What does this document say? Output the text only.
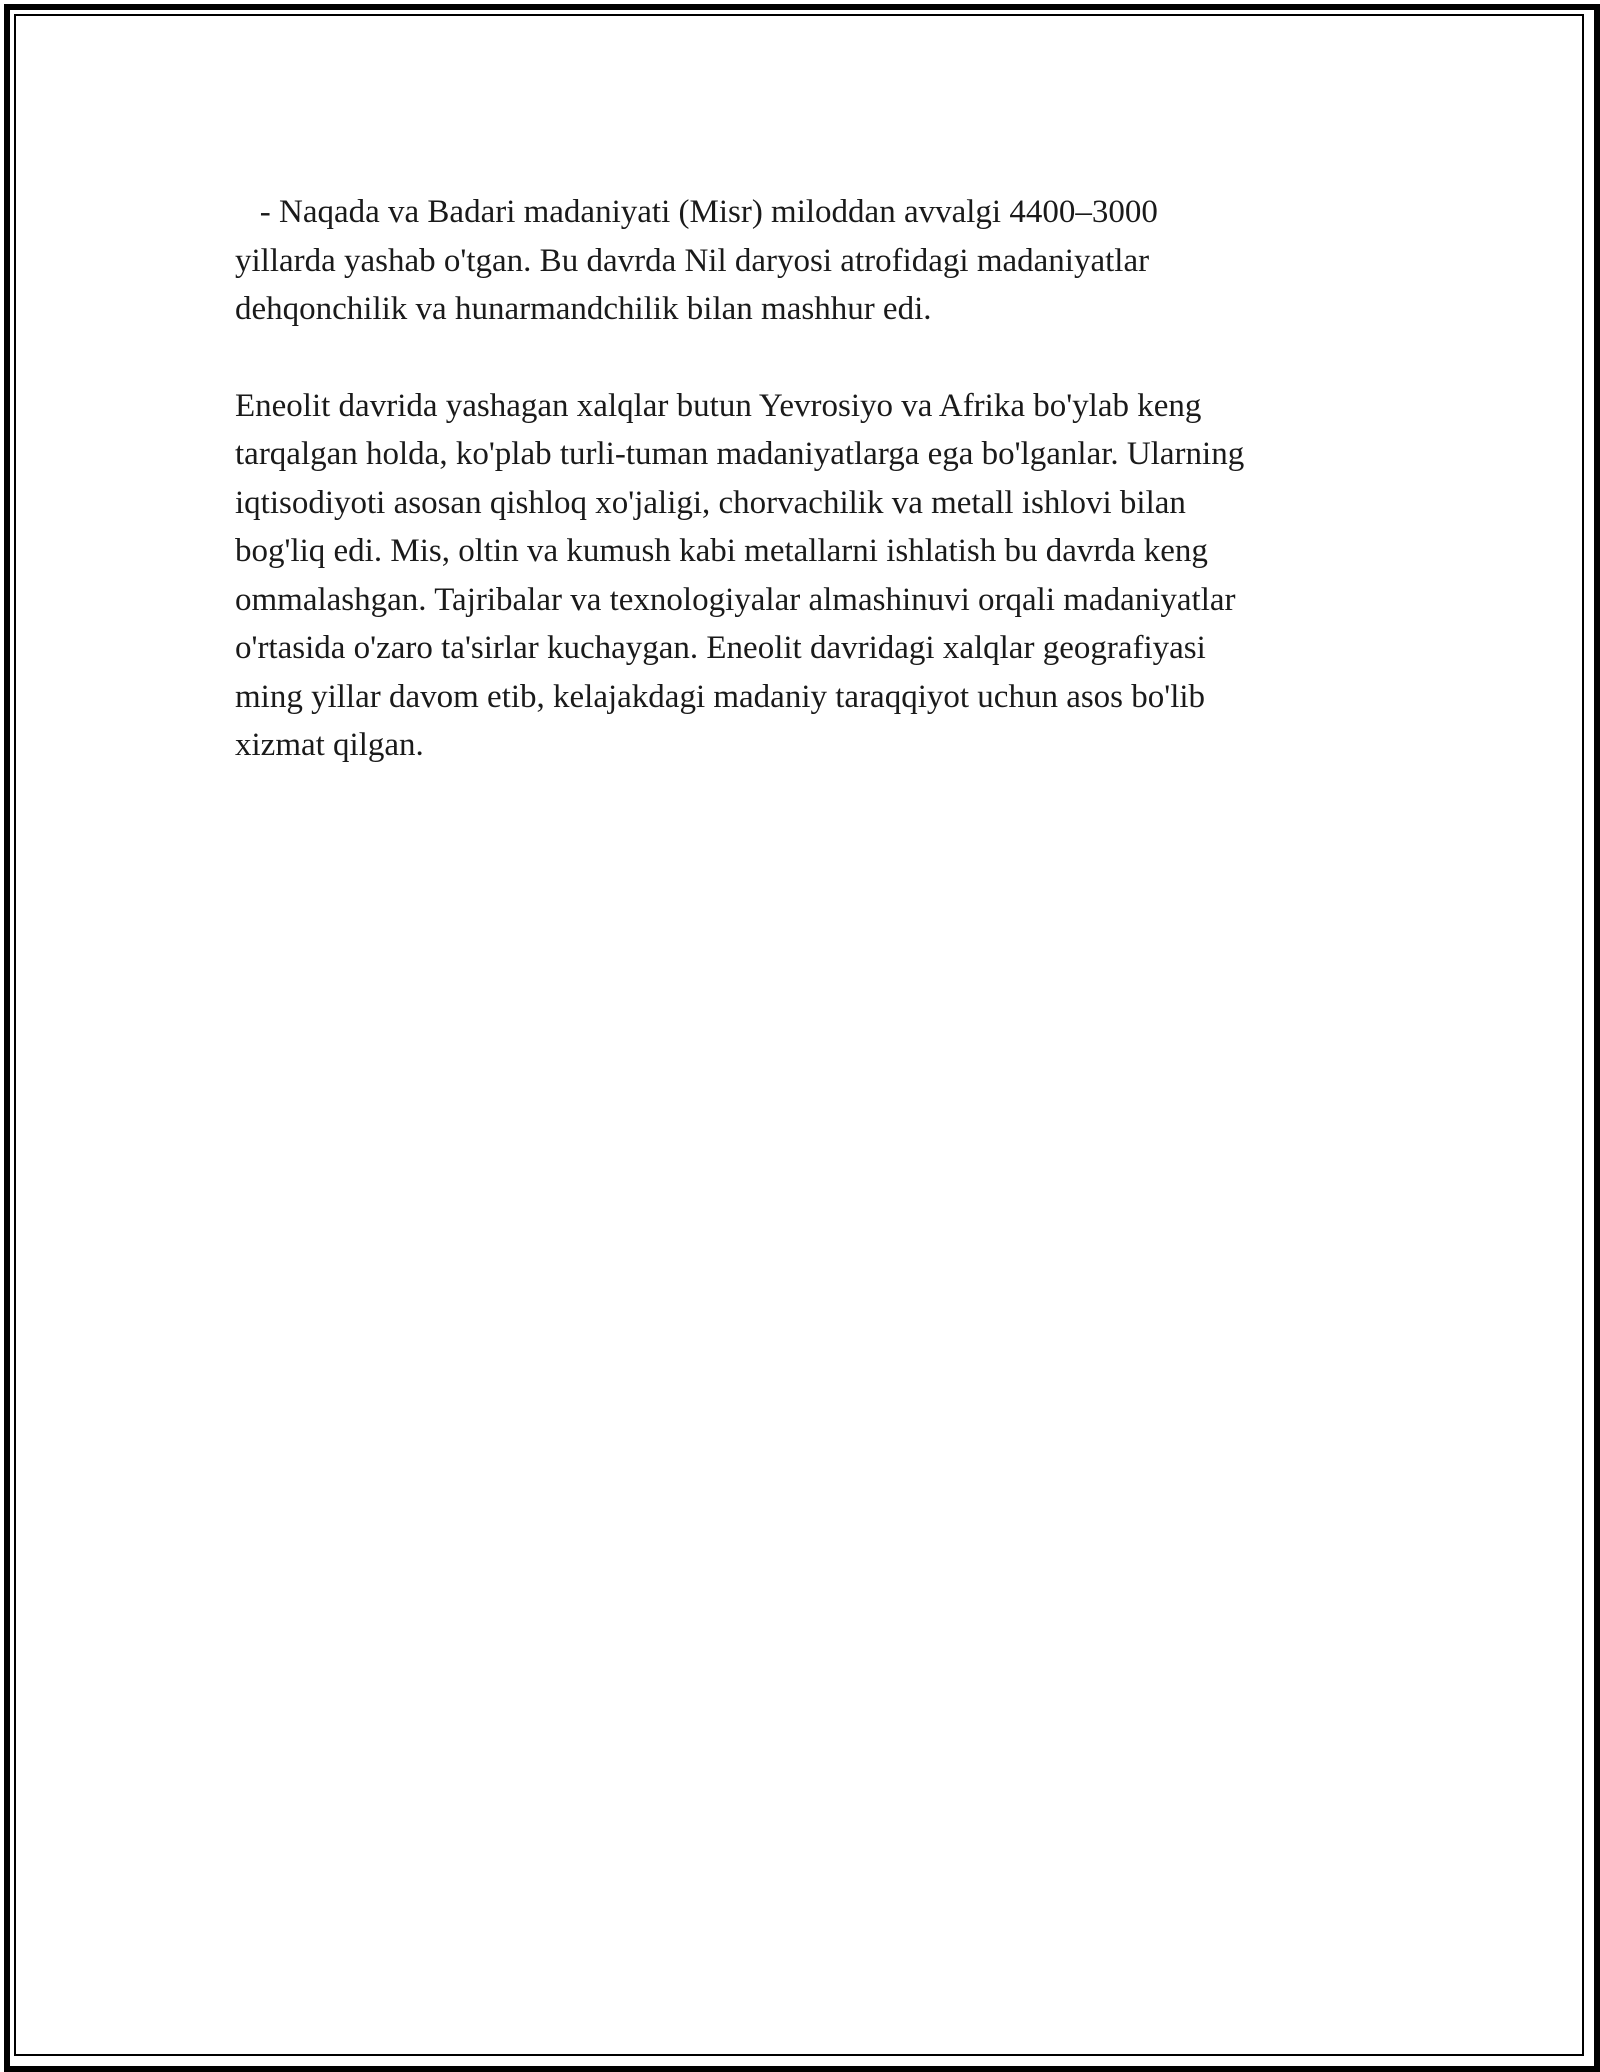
- Naqada va Badari madaniyati (Misr) miloddan avvalgi 4400–3000
yillarda yashab o'tgan. Bu davrda Nil daryosi atrofidagi madaniyatlar
dehqonchilik va hunarmandchilik bilan mashhur edi.

Eneolit davrida yashagan xalqlar butun Yevrosiyo va Afrika bo'ylab keng
tarqalgan holda, ko'plab turli-tuman madaniyatlarga ega bo'lganlar. Ularning
iqtisodiyoti asosan qishloq xo'jaligi, chorvachilik va metall ishlovi bilan
bog'liq edi. Mis, oltin va kumush kabi metallarni ishlatish bu davrda keng
ommalashgan. Tajribalar va texnologiyalar almashinuvi orqali madaniyatlar
o'rtasida o'zaro ta'sirlar kuchaygan. Eneolit davridagi xalqlar geografiyasi
ming yillar davom etib, kelajakdagi madaniy taraqqiyot uchun asos bo'lib
xizmat qilgan.
